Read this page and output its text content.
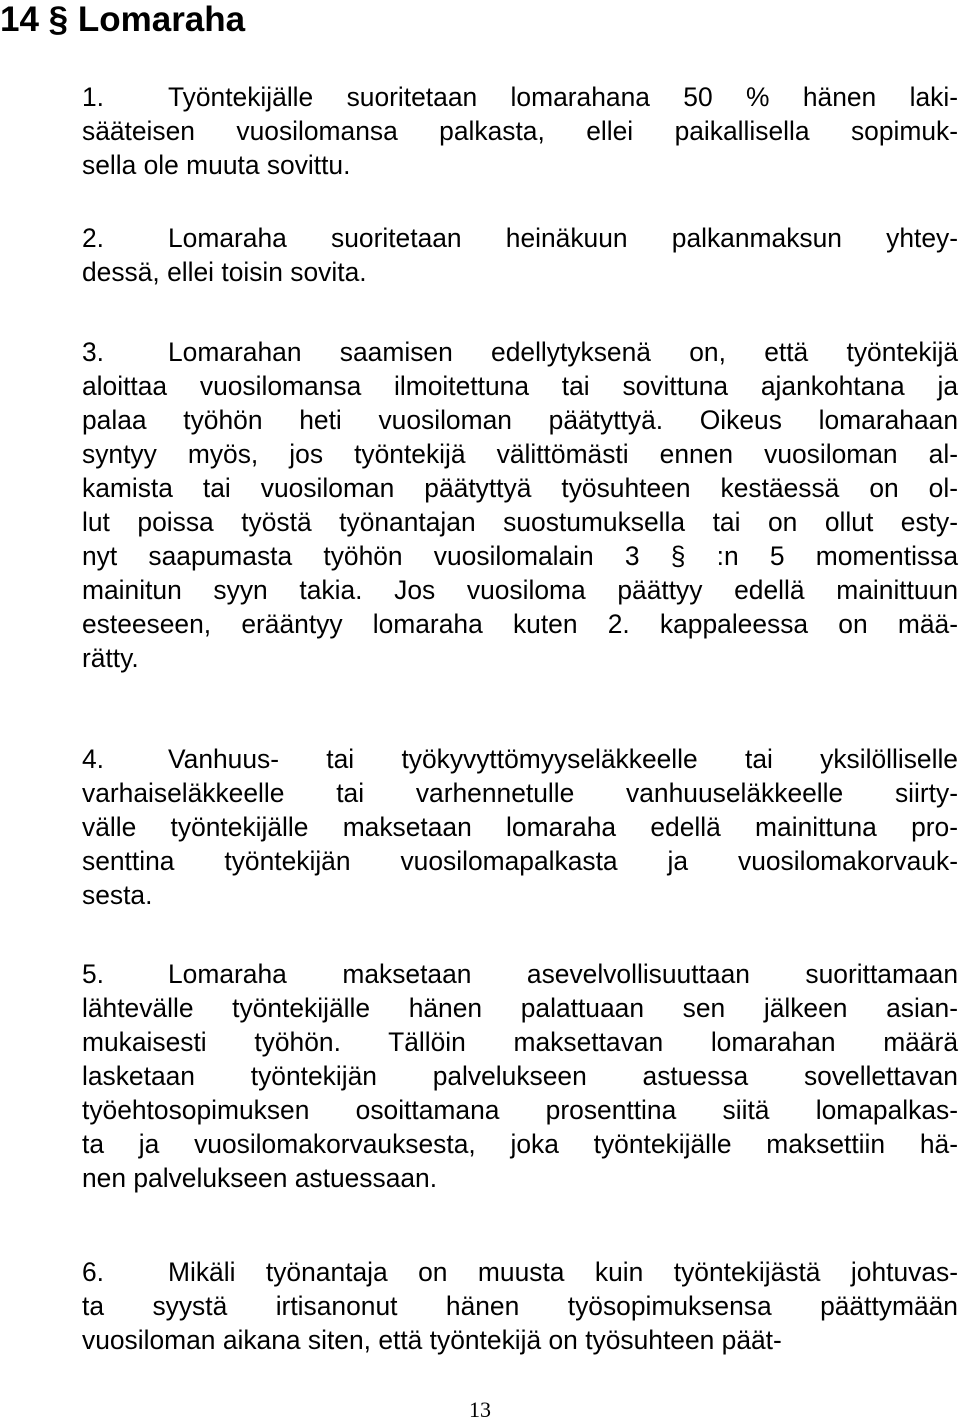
14 § Lomaraha
1. Työntekijälle suoritetaan lomarahana 50 % hänen laki-
sääteisen vuosilomansa palkasta, ellei paikallisella sopimuk-
sella ole muuta sovittu.
2. Lomaraha suoritetaan heinäkuun palkanmaksun yhtey-
dessä, ellei toisin sovita.
3. Lomarahan saamisen edellytyksenä on, että työntekijä
aloittaa vuosilomansa ilmoitettuna tai sovittuna ajankohtana ja
palaa työhön heti vuosiloman päätyttyä. Oikeus lomarahaan
syntyy myös, jos työntekijä välittömästi ennen vuosiloman al-
kamista tai vuosiloman päätyttyä työsuhteen kestäessä on ol-
lut poissa työstä työnantajan suostumuksella tai on ollut esty-
nyt saapumasta työhön vuosilomalain 3 § :n 5 momentissa
mainitun syyn takia. Jos vuosiloma päättyy edellä mainittuun
esteeseen, erääntyy lomaraha kuten 2. kappaleessa on mää-
rätty.
4. Vanhuus- tai työkyvyttömyyseläkkeelle tai yksilölliselle
varhaiseläkkeelle tai varhennetulle vanhuuseläkkeelle siirty-
välle työntekijälle maksetaan lomaraha edellä mainittuna pro-
senttina työntekijän vuosilomapalkasta ja vuosilomakorvauk-
sesta.
5. Lomaraha maksetaan asevelvollisuuttaan suorittamaan
lähtevälle työntekijälle hänen palattuaan sen jälkeen asian-
mukaisesti työhön. Tällöin maksettavan lomarahan määrä
lasketaan työntekijän palvelukseen astuessa sovellettavan
työehtosopimuksen osoittamana prosenttina siitä lomapalkas-
ta ja vuosilomakorvauksesta, joka työntekijälle maksettiin hä-
nen palvelukseen astuessaan.
6. Mikäli työnantaja on muusta kuin työntekijästä johtuvas-
ta syystä irtisanonut hänen työsopimuksensa päättymään
vuosiloman aikana siten, että työntekijä on työsuhteen päät-
13
